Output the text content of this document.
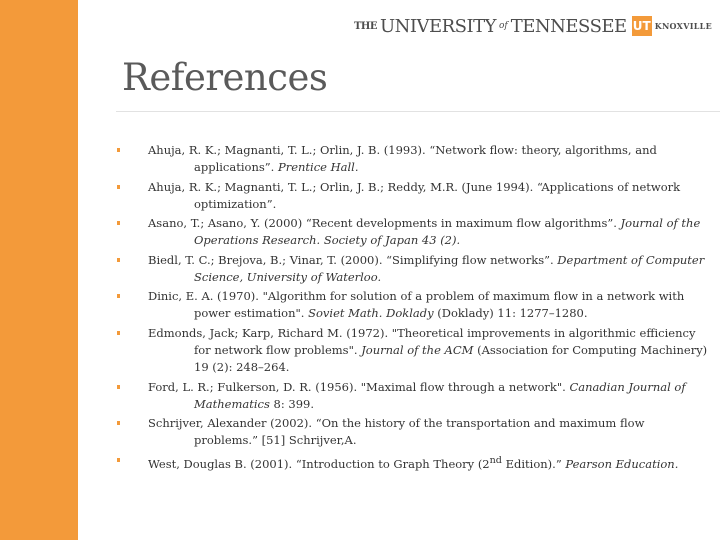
THE UNIVERSITY of TENNESSEE UT KNOXVILLE
References
Ahuja, R. K.; Magnanti, T. L.; Orlin, J. B. (1993). “Network flow: theory, algorithms, and applications”. Prentice Hall.
Ahuja, R. K.; Magnanti, T. L.; Orlin, J. B.; Reddy, M.R. (June 1994). “Applications of network optimization”.
Asano, T.; Asano, Y. (2000) “Recent developments in maximum flow algorithms”. Journal of the Operations Research. Society of Japan 43 (2).
Biedl, T. C.; Brejova, B.; Vinar, T. (2000). “Simplifying flow networks”. Department of Computer Science, University of Waterloo.
Dinic, E. A. (1970). "Algorithm for solution of a problem of maximum flow in a network with power estimation". Soviet Math. Doklady (Doklady) 11: 1277–1280.
Edmonds, Jack; Karp, Richard M. (1972). "Theoretical improvements in algorithmic efficiency for network flow problems". Journal of the ACM (Association for Computing Machinery) 19 (2): 248–264.
Ford, L. R.; Fulkerson, D. R. (1956). "Maximal flow through a network". Canadian Journal of Mathematics 8: 399.
Schrijver, Alexander (2002). “On the history of the transportation and maximum flow problems.” [51] Schrijver,A.
West, Douglas B. (2001). “Introduction to Graph Theory (2nd Edition).” Pearson Education.
